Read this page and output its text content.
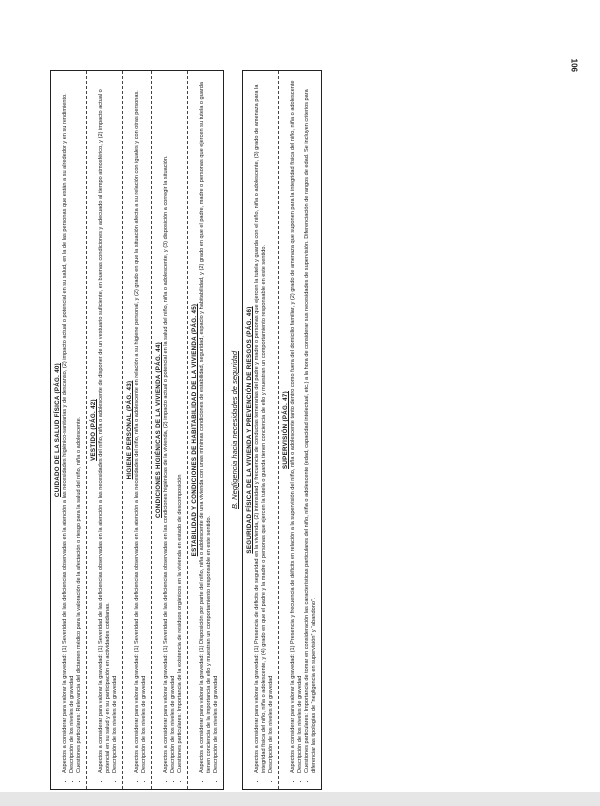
106
CUIDADO DE LA SALUD FÍSICA (PÁG. 40) • Aspectos a considerar para valorar la gravedad: (1) Severidad de las deficiencias observadas en la atención a las necesidades higiénico-sanitarias y de descanso, (2) impacto actual o potencial en su salud, en la de las personas que están a su alrededor y en su rendimiento. • Descripción de los niveles de gravedad • Cuestiones particulares: Relevancia del dictamen médico para la valoración de la afectación o riesgo para la salud del niño, niña o adolescente. VESTIDO (PÁG. 42) • Aspectos a considerar para valorar la gravedad: (1) Severidad de las deficiencias observadas en la atención a las necesidades del niño, niña o adolescente de disponer de un vestuario suficiente, en buenas condiciones y adecuado al tiempo atmosférico, y (2) impacto actual o potencial en su salud y en su participación en actividades cotidianas. • Descripción de los niveles de gravedad
HIGIENE PERSONAL (PÁG. 43) • Aspectos a considerar para valorar la gravedad: (1) Severidad de las deficiencias observadas en la atención a las necesidades del niño, niña o adolescente en relación a su higiene personal, y (2) grado en que la situación afecta a su relación con iguales y con otras personas. • Descripción de los niveles de gravedad
CONDICIONES HIGIÉNICAS DE LA VIVIENDA (PÁG. 44) • Aspectos a considerar para valorar la gravedad: (1) Severidad de las deficiencias observadas en las condiciones higiénicas de la vivienda, (2) impacto actual o potencial en la salud del niño, niña o adolescente, y (3) disposición a corregir la situación. • Descripción de los niveles de gravedad • Cuestiones particulares: Importancia de la existencia de residuos orgánicos en la vivienda en estado de descomposición
ESTABILIDAD Y CONDICIONES DE HABITABILIDAD DE LA VIVIENDA (PÁG. 45) • Aspectos a considerar para valorar la gravedad: (1) Disposición por parte del niño, niña o adolescente de una vivienda con unas mínimas condiciones de estabilidad, seguridad, espacio y habitabilidad, y (2) grado en que el padre, madre o personas que ejercen su tutela o guarda tienen conciencia de la importancia de ello y muestran un comportamiento responsable en este sentido. • Descripción de los niveles de gravedad
B. Negligencia hacia necesidades de seguridad SEGURIDAD FÍSICA DE LA VIVIENDA Y PREVENCIÓN DE RIESGOS (PÁG. 46) • Aspectos a considerar para valorar la gravedad: (1) Presencia de déficits de seguridad en la vivienda, (2) intensidad y frecuencia de conductas temerarias del padre y madre o personas que ejercen la tutela y guarda con el niño, niña o adolescente, (3) grado de amenaza para la integridad física del niño, niña o adolescente, y (4) grado en que el padre y la madre o personas que ejercen la tutela o guarda tienen conciencia de ello y muestran un comportamiento responsable en este sentido. • Descripción de los niveles de gravedad
SUPERVISIÓN (PÁG. 47) • Aspectos a considerar para valorar la gravedad: (1) Presencia y frecuencia de déficits en relación a la supervisión del niño, niña o adolescente tanto dentro como fuera del domicilio familiar, y (2) grado de amenaza que suponen para la integridad física del niño, niña o adolescente • Descripción de los niveles de gravedad • Cuestiones particulares: Importancia de tomar en consideración las características particulares del niño, niña o adolescente (edad, capacidad intelectual, etc.) a la hora de considerar sus necesidades de supervisión. Diferenciación de rangos de edad. Se incluyen criterios para diferenciar las tipologías de “negligencia en supervisión” y “abandono”.
